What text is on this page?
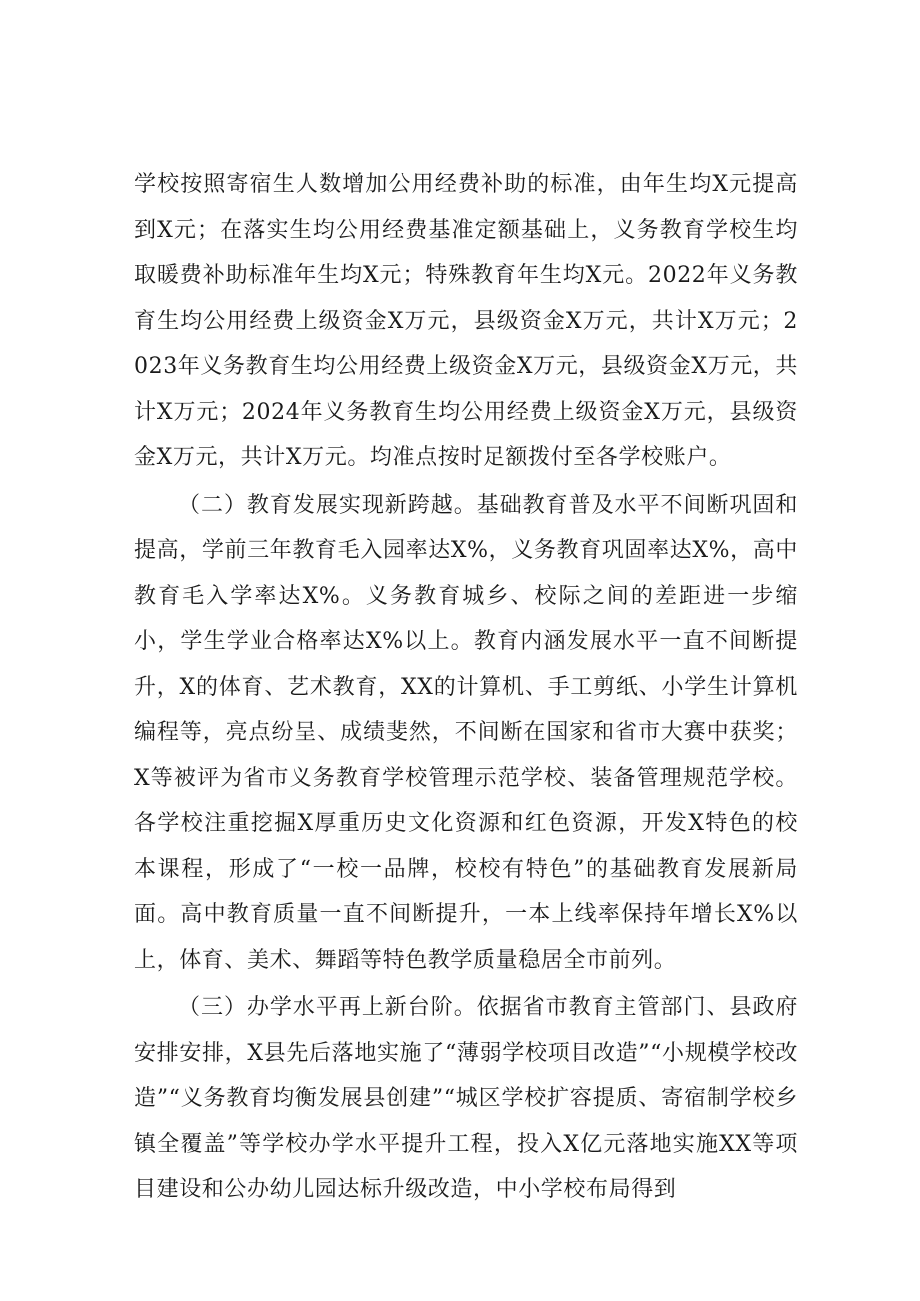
学校按照寄宿生人数增加公用经费补助的标准，由年生均X元提高到X元；在落实生均公用经费基准定额基础上，义务教育学校生均取暖费补助标准年生均X元；特殊教育年生均X元。2022年义务教育生均公用经费上级资金X万元，县级资金X万元，共计X万元；2023年义务教育生均公用经费上级资金X万元，县级资金X万元，共计X万元；2024年义务教育生均公用经费上级资金X万元，县级资金X万元，共计X万元。均准点按时足额拨付至各学校账户。

（二）教育发展实现新跨越。基础教育普及水平不间断巩固和提高，学前三年教育毛入园率达X%，义务教育巩固率达X%，高中教育毛入学率达X%。义务教育城乡、校际之间的差距进一步缩小，学生学业合格率达X%以上。教育内涵发展水平一直不间断提升，X的体育、艺术教育，XX的计算机、手工剪纸、小学生计算机编程等，亮点纷呈、成绩斐然，不间断在国家和省市大赛中获奖；X等被评为省市义务教育学校管理示范学校、装备管理规范学校。各学校注重挖掘X厚重历史文化资源和红色资源，开发X特色的校本课程，形成了“一校一品牌，校校有特色”的基础教育发展新局面。高中教育质量一直不间断提升，一本上线率保持年增长X%以上，体育、美术、舞蹈等特色教学质量稳居全市前列。

（三）办学水平再上新台阶。依据省市教育主管部门、县政府安排安排，X县先后落地实施了“薄弱学校项目改造”“小规模学校改造”“义务教育均衡发展县创建”“城区学校扩容提质、寄宿制学校乡镇全覆盖”等学校办学水平提升工程，投入X亿元落地实施XX等项目建设和公办幼儿园达标升级改造，中小学校布局得到
